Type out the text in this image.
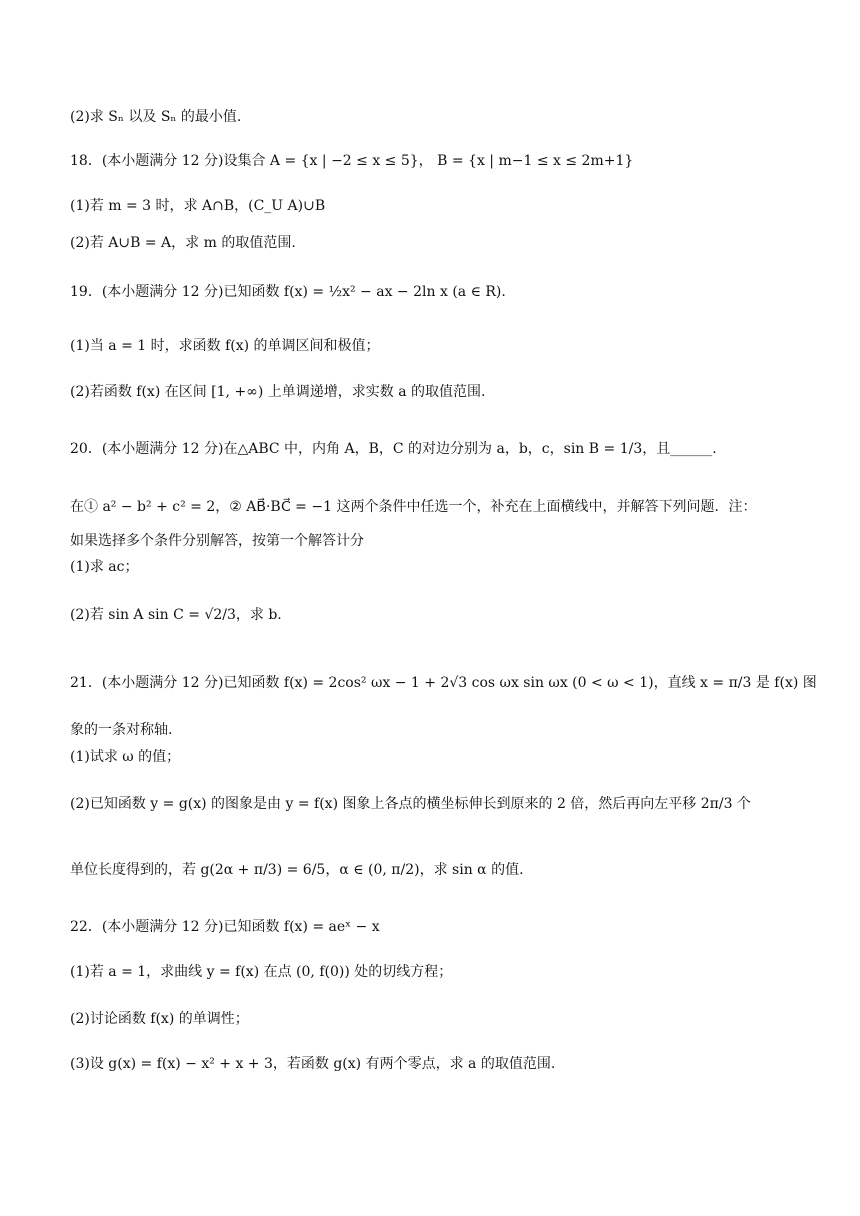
(2)求 Sₙ 以及 Sₙ 的最小值.
18．(本小题满分 12 分)设集合 A = {x | −2 ≤ x ≤ 5}， B = {x | m−1 ≤ x ≤ 2m+1}
(1)若 m = 3 时，求 A∩B，(C_U A)∪B
(2)若 A∪B = A，求 m 的取值范围.
19．(本小题满分 12 分)已知函数 f(x) = ½x² − ax − 2ln x (a ∈ R).
(1)当 a = 1 时，求函数 f(x) 的单调区间和极值；
(2)若函数 f(x) 在区间 [1, +∞) 上单调递增，求实数 a 的取值范围.
20．(本小题满分 12 分)在△ABC 中，内角 A，B，C 的对边分别为 a，b，c，sin B = 1/3，且______.
在① a² − b² + c² = 2，② AB⃗·BC⃗ = −1 这两个条件中任选一个，补充在上面横线中，并解答下列问题．注：
如果选择多个条件分别解答，按第一个解答计分
(1)求 ac；
(2)若 sin A sin C = √2/3，求 b.
21．(本小题满分 12 分)已知函数 f(x) = 2cos² ωx − 1 + 2√3 cos ωx sin ωx (0 < ω < 1)，直线 x = π/3 是 f(x) 图
象的一条对称轴.
(1)试求 ω 的值；
(2)已知函数 y = g(x) 的图象是由 y = f(x) 图象上各点的横坐标伸长到原来的 2 倍，然后再向左平移 2π/3 个
单位长度得到的，若 g(2α + π/3) = 6/5，α ∈ (0, π/2)，求 sin α 的值.
22．(本小题满分 12 分)已知函数 f(x) = aeˣ − x
(1)若 a = 1，求曲线 y = f(x) 在点 (0, f(0)) 处的切线方程；
(2)讨论函数 f(x) 的单调性；
(3)设 g(x) = f(x) − x² + x + 3，若函数 g(x) 有两个零点，求 a 的取值范围.
